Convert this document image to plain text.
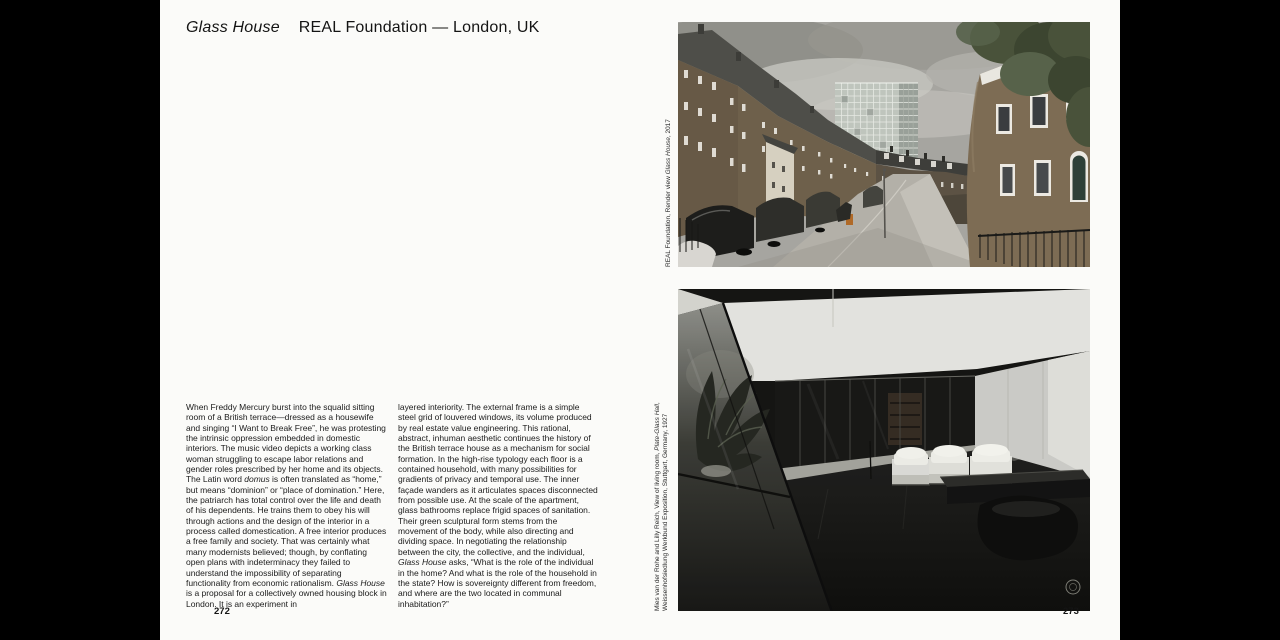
Glass House REAL Foundation — London, UK
When Freddy Mercury burst into the squalid sitting room of a British terrace—dressed as a housewife and singing “I Want to Break Free”, he was protesting the intrinsic oppression embedded in domestic interiors. The music video depicts a working class woman struggling to escape labor relations and gender roles prescribed by her home and its objects. The Latin word domus is often translated as “home,” but means “dominion” or “place of domination.” Here, the patriarch has total control over the life and death of his dependents. He trains them to obey his will through actions and the design of the interior in a process called domestication. A free interior produces a free family and society. That was certainly what many modernists believed; though, by conflating open plans with indeterminacy they failed to understand the impossibility of separating functionality from economic rationalism. Glass House is a proposal for a collectively owned housing block in London. It is an experiment in
layered interiority. The external frame is a simple steel grid of louvered windows, its volume produced by real estate value engineering. This rational, abstract, inhuman aesthetic continues the history of the British terrace house as a mechanism for social formation. In the high-rise typology each floor is a contained household, with many possibilities for gradients of privacy and temporal use. The inner façade wanders as it articulates spaces disconnected from possible use. At the scale of the apartment, glass bathrooms replace frigid spaces of sanitation. Their green sculptural form stems from the movement of the body, while also directing and dividing space. In negotiating the relationship between the city, the collective, and the individual, Glass House asks, “What is the role of the individual in the home? And what is the role of the household in the state? How is sovereignty different from freedom, and where are the two located in communal inhabitation?”
272
REAL Foundation, Render view Glass House, 2017
Mies van der Rohe and Lilly Reich, View of living room, Plate-Glass Hall,
Weissenhofsiedlung Werkbund Exposition, Stuttgart, Germany, 1927
273
